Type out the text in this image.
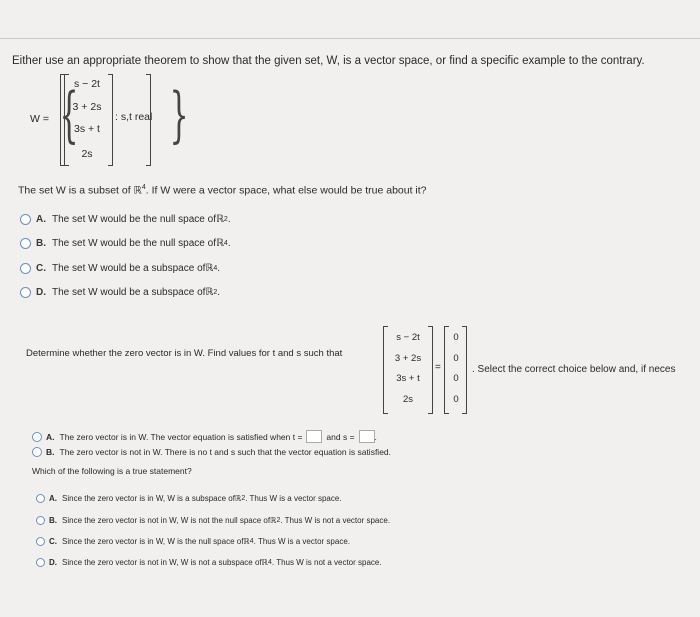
Either use an appropriate theorem to show that the given set, W, is a vector space, or find a specific example to the contrary.
W = {
s − 2t
3 + 2s
3s + t
2s
: s,t real }
The set W is a subset of ℝ$^4$. If W were a vector space, what else would be true about it?
A. The set W would be the null space of ℝ 2 .
B. The set W would be the null space of ℝ 4 .
C. The set W would be a subspace of ℝ 4 .
D. The set W would be a subspace of ℝ 2 .
Determine whether the zero vector is in W. Find values for t and s such that
s − 2t
3 + 2s
3s + t
2s
=
0
0
0
0
. Select the correct choice below and, if neces
A. The zero vector is in W. The vector equation is satisfied when t =	and s = .
B. The zero vector is not in W. There is no t and s such that the vector equation is satisfied.
Which of the following is a true statement?
A. Since the zero vector is in W, W is a subspace of ℝ 2 . Thus W is a vector space.
B. Since the zero vector is not in W, W is not the null space of ℝ 2 . Thus W is not a vector space.
C. Since the zero vector is in W, W is the null space of ℝ 4 . Thus W is a vector space.
D. Since the zero vector is not in W, W is not a subspace of ℝ 4 . Thus W is not a vector space.
